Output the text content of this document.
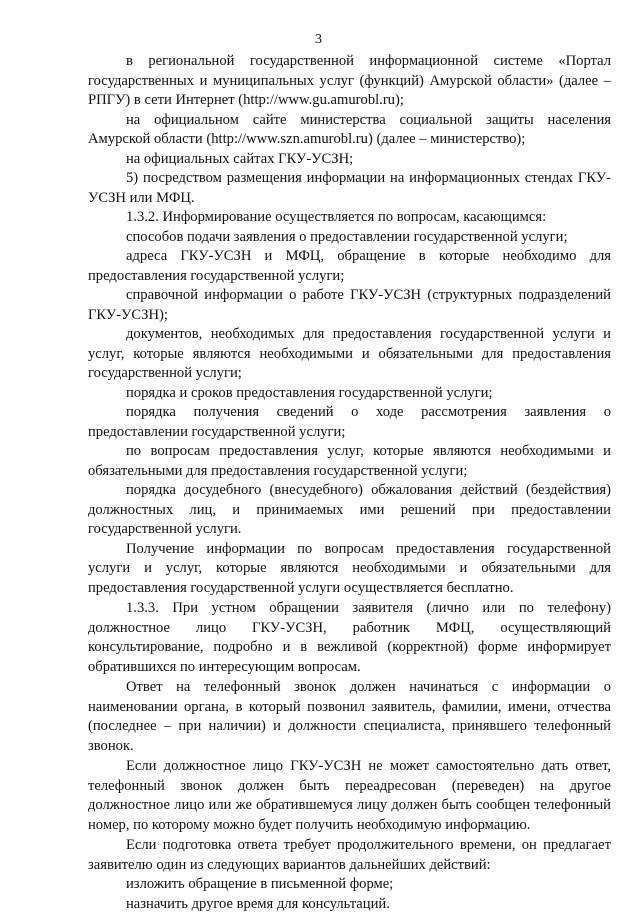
3

в региональной государственной информационной системе «Портал государственных и муниципальных услуг (функций) Амурской области» (далее – РПГУ) в сети Интернет (http://www.gu.amurobl.ru);

на официальном сайте министерства социальной защиты населения Амурской области (http://www.szn.amurobl.ru) (далее – министерство);

на официальных сайтах ГКУ-УСЗН;

5) посредством размещения информации на информационных стендах ГКУ-УСЗН или МФЦ.

1.3.2. Информирование осуществляется по вопросам, касающимся:

способов подачи заявления о предоставлении государственной услуги;

адреса ГКУ-УСЗН и МФЦ, обращение в которые необходимо для предоставления государственной услуги;

справочной информации о работе ГКУ-УСЗН (структурных подразделений ГКУ-УСЗН);

документов, необходимых для предоставления государственной услуги и услуг, которые являются необходимыми и обязательными для предоставления государственной услуги;

порядка и сроков предоставления государственной услуги;

порядка получения сведений о ходе рассмотрения заявления о предоставлении государственной услуги;

по вопросам предоставления услуг, которые являются необходимыми и обязательными для предоставления государственной услуги;

порядка досудебного (внесудебного) обжалования действий (бездействия) должностных лиц, и принимаемых ими решений при предоставлении государственной услуги.

Получение информации по вопросам предоставления государственной услуги и услуг, которые являются необходимыми и обязательными для предоставления государственной услуги осуществляется бесплатно.

1.3.3. При устном обращении заявителя (лично или по телефону) должностное лицо ГКУ-УСЗН, работник МФЦ, осуществляющий консультирование, подробно и в вежливой (корректной) форме информирует обратившихся по интересующим вопросам.

Ответ на телефонный звонок должен начинаться с информации о наименовании органа, в который позвонил заявитель, фамилии, имени, отчества (последнее – при наличии) и должности специалиста, принявшего телефонный звонок.

Если должностное лицо ГКУ-УСЗН не может самостоятельно дать ответ, телефонный звонок должен быть переадресован (переведен) на другое должностное лицо или же обратившемуся лицу должен быть сообщен телефонный номер, по которому можно будет получить необходимую информацию.

Если подготовка ответа требует продолжительного времени, он предлагает заявителю один из следующих вариантов дальнейших действий:

изложить обращение в письменной форме;

назначить другое время для консультаций.
